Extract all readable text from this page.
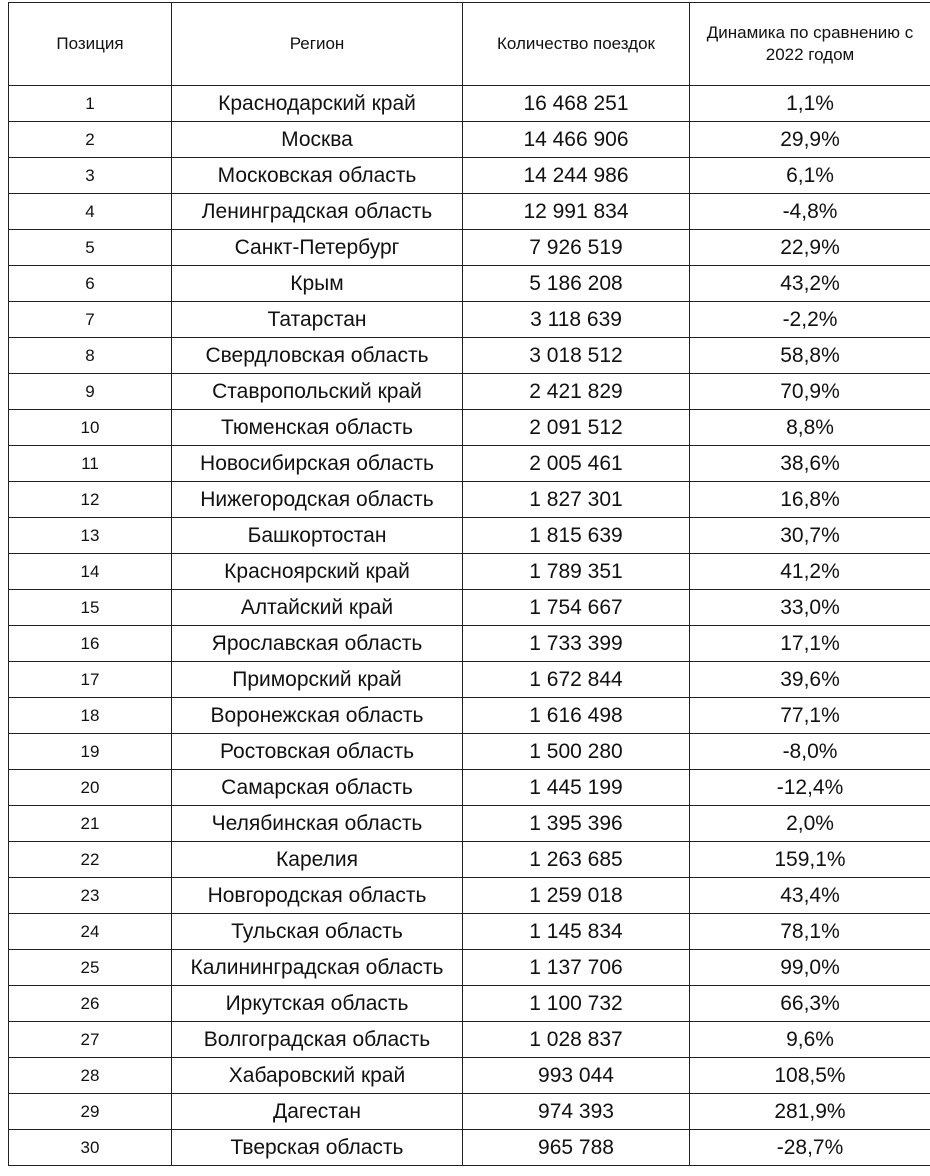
Позиция	Регион	Количество поездок	Динамика по сравнению с 2022 годом
1	Краснодарский край	16 468 251	1,1%
2	Москва	14 466 906	29,9%
3	Московская область	14 244 986	6,1%
4	Ленинградская область	12 991 834	-4,8%
5	Санкт-Петербург	7 926 519	22,9%
6	Крым	5 186 208	43,2%
7	Татарстан	3 118 639	-2,2%
8	Свердловская область	3 018 512	58,8%
9	Ставропольский край	2 421 829	70,9%
10	Тюменская область	2 091 512	8,8%
11	Новосибирская область	2 005 461	38,6%
12	Нижегородская область	1 827 301	16,8%
13	Башкортостан	1 815 639	30,7%
14	Красноярский край	1 789 351	41,2%
15	Алтайский край	1 754 667	33,0%
16	Ярославская область	1 733 399	17,1%
17	Приморский край	1 672 844	39,6%
18	Воронежская область	1 616 498	77,1%
19	Ростовская область	1 500 280	-8,0%
20	Самарская область	1 445 199	-12,4%
21	Челябинская область	1 395 396	2,0%
22	Карелия	1 263 685	159,1%
23	Новгородская область	1 259 018	43,4%
24	Тульская область	1 145 834	78,1%
25	Калининградская область	1 137 706	99,0%
26	Иркутская область	1 100 732	66,3%
27	Волгоградская область	1 028 837	9,6%
28	Хабаровский край	993 044	108,5%
29	Дагестан	974 393	281,9%
30	Тверская область	965 788	-28,7%
